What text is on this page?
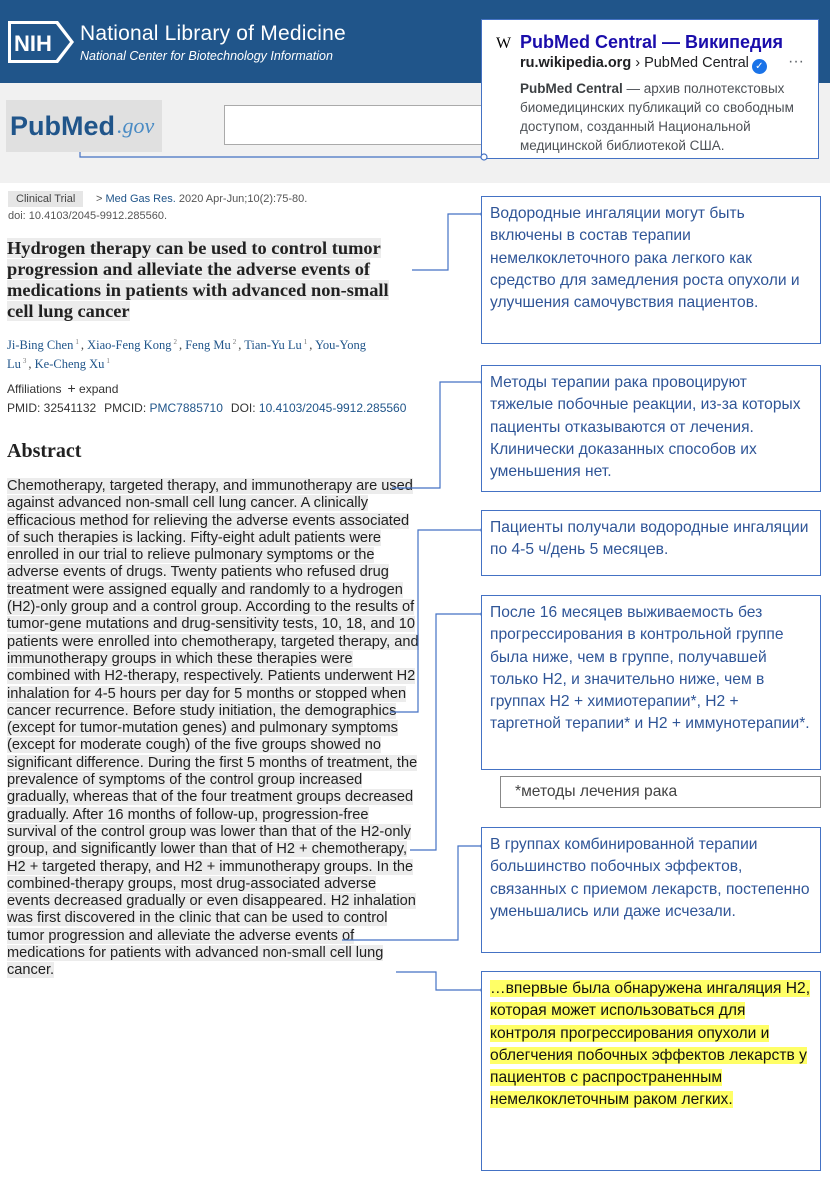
NIH National Library of Medicine
National Center for Biotechnology Information
Pub Med .gov
W PubMed Central — Википедия
ru.wikipedia.org › PubMed Central ✓ ···
PubMed Central — архив полнотекстовых биомедицинских публикаций со свободным доступом, созданный Национальной медицинской библиотекой США.
Clinical Trial	> Med Gas Res. 2020 Apr-Jun;10(2):75-80.
doi: 10.4103/2045-9912.285560.
Hydrogen therapy can be used to control tumor progression and alleviate the adverse events of medications in patients with advanced non-small cell lung cancer
Ji-Bing Chen $^1$ , Xiao-Feng Kong $^2$ , Feng Mu $^2$ , Tian-Yu Lu $^1$ , You-Yong Lu $^3$ , Ke-Cheng Xu $^1$
Affiliations + expand
PMID: 32541132 PMCID: PMC7885710 DOI: 10.4103/2045-9912.285560
Abstract

Chemotherapy, targeted therapy, and immunotherapy are used against advanced non-small cell lung cancer. A clinically efficacious method for relieving the adverse events associated of such therapies is lacking. Fifty-eight adult patients were enrolled in our trial to relieve pulmonary symptoms or the adverse events of drugs. Twenty patients who refused drug treatment were assigned equally and randomly to a hydrogen (H2)-only group and a control group. According to the results of tumor-gene mutations and drug-sensitivity tests, 10, 18, and 10 patients were enrolled into chemotherapy, targeted therapy, and immunotherapy groups in which these therapies were combined with H2-therapy, respectively. Patients underwent H2 inhalation for 4-5 hours per day for 5 months or stopped when cancer recurrence. Before study initiation, the demographics (except for tumor-mutation genes) and pulmonary symptoms (except for moderate cough) of the five groups showed no significant difference. During the first 5 months of treatment, the prevalence of symptoms of the control group increased gradually, whereas that of the four treatment groups decreased gradually. After 16 months of follow-up, progression-free survival of the control group was lower than that of the H2-only group, and significantly lower than that of H2 + chemotherapy, H2 + targeted therapy, and H2 + immunotherapy groups. In the combined-therapy groups, most drug-associated adverse events decreased gradually or even disappeared. H2 inhalation was first discovered in the clinic that can be used to control tumor progression and alleviate the adverse events of medications for patients with advanced non-small cell lung cancer.

Водородные ингаляции могут быть включены в состав терапии немелкоклеточного рака легкого как средство для замедления роста опухоли и улучшения самочувствия пациентов.
Методы терапии рака провоцируют тяжелые побочные реакции, из-за которых пациенты отказываются от лечения. Клинически доказанных способов их уменьшения нет.
Пациенты получали водородные ингаляции по 4-5 ч/день 5 месяцев.
После 16 месяцев выживаемость без прогрессирования в контрольной группе была ниже, чем в группе, получавшей только H2, и значительно ниже, чем в группах H2 + химиотерапии*, H2 + таргетной терапии* и H2 + иммунотерапии*.
*методы лечения рака
В группах комбинированной терапии большинство побочных эффектов, связанных с приемом лекарств, постепенно уменьшались или даже исчезали.
…впервые была обнаружена ингаляция H2, которая может использоваться для контроля прогрессирования опухоли и облегчения побочных эффектов лекарств у пациентов с распространенным немелкоклеточным раком легких.
